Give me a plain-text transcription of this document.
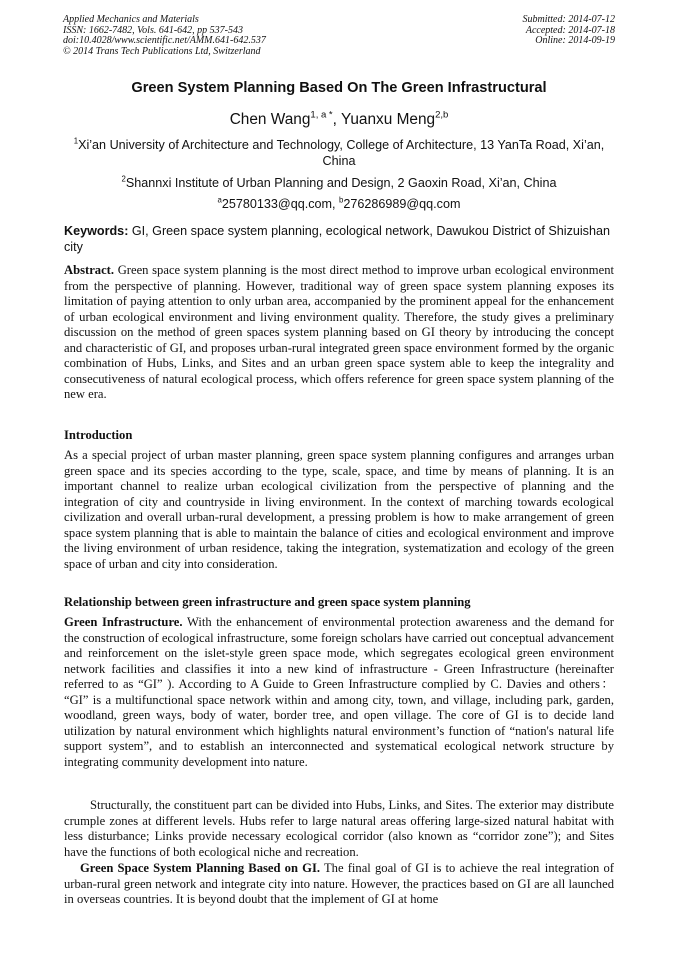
Applied Mechanics and Materials
ISSN: 1662-7482, Vols. 641-642, pp 537-543
doi:10.4028/www.scientific.net/AMM.641-642.537
© 2014 Trans Tech Publications Ltd, Switzerland
Submitted: 2014-07-12
Accepted: 2014-07-18
Online: 2014-09-19
Green System Planning Based On The Green Infrastructural
Chen Wang$^{1, a *}$, Yuanxu Meng$^{2,b}$
$^1$Xi’an University of Architecture and Technology, College of Architecture, 13 YanTa Road, Xi’an, China
$^2$Shannxi Institute of Urban Planning and Design, 2 Gaoxin Road, Xi’an, China
$^a$25780133@qq.com, $^b$276286989@qq.com
Keywords: GI, Green space system planning, ecological network, Dawukou District of Shizuishan city
Abstract. Green space system planning is the most direct method to improve urban ecological environment from the perspective of planning. However, traditional way of green space system planning exposes its limitation of paying attention to only urban area, accompanied by the prominent appeal for the enhancement of urban ecological environment and living environment quality. Therefore, the study gives a preliminary discussion on the method of green spaces system planning based on GI theory by introducing the concept and characteristic of GI, and proposes urban-rural integrated green space environment formed by the organic combination of Hubs, Links, and Sites and an urban green space system able to keep the integrality and consecutiveness of natural ecological process, which offers reference for green space system planning of the new era.
Introduction
As a special project of urban master planning, green space system planning configures and arranges urban green space and its species according to the type, scale, space, and time by means of planning. It is an important channel to realize urban ecological civilization from the perspective of planning and the integration of city and countryside in living environment. In the context of marching towards ecological civilization and overall urban-rural development, a pressing problem is how to make arrangement of green space system planning that is able to maintain the balance of cities and ecological environment and improve the living environment of urban residence, taking the integration, systematization and ecology of the green space of urban and city into consideration.
Relationship between green infrastructure and green space system planning
Green Infrastructure. With the enhancement of environmental protection awareness and the demand for the construction of ecological infrastructure, some foreign scholars have carried out conceptual advancement and reinforcement on the islet-style green space mode, which segregates ecological green environment network facilities and classifies it into a new kind of infrastructure - Green Infrastructure (hereinafter referred to as “GI” ). According to A Guide to Green Infrastructure complied by C. Davies and others： “GI” is a multifunctional space network within and among city, town, and village, including park, garden, woodland, green ways, body of water, border tree, and open village. The core of GI is to decide land utilization by natural environment which highlights natural environment’s function of “nation's natural life support system”, and to establish an interconnected and systematical ecological network structure by integrating community development into nature.
Structurally, the constituent part can be divided into Hubs, Links, and Sites. The exterior may distribute crumple zones at different levels. Hubs refer to large natural areas offering large-sized natural habitat with less disturbance; Links provide necessary ecological corridor (also known as “corridor zone”); and Sites have the functions of both ecological niche and recreation.
Green Space System Planning Based on GI. The final goal of GI is to achieve the real integration of urban-rural green network and integrate city into nature. However, the practices based on GI are all launched in overseas countries. It is beyond doubt that the implement of GI at home
